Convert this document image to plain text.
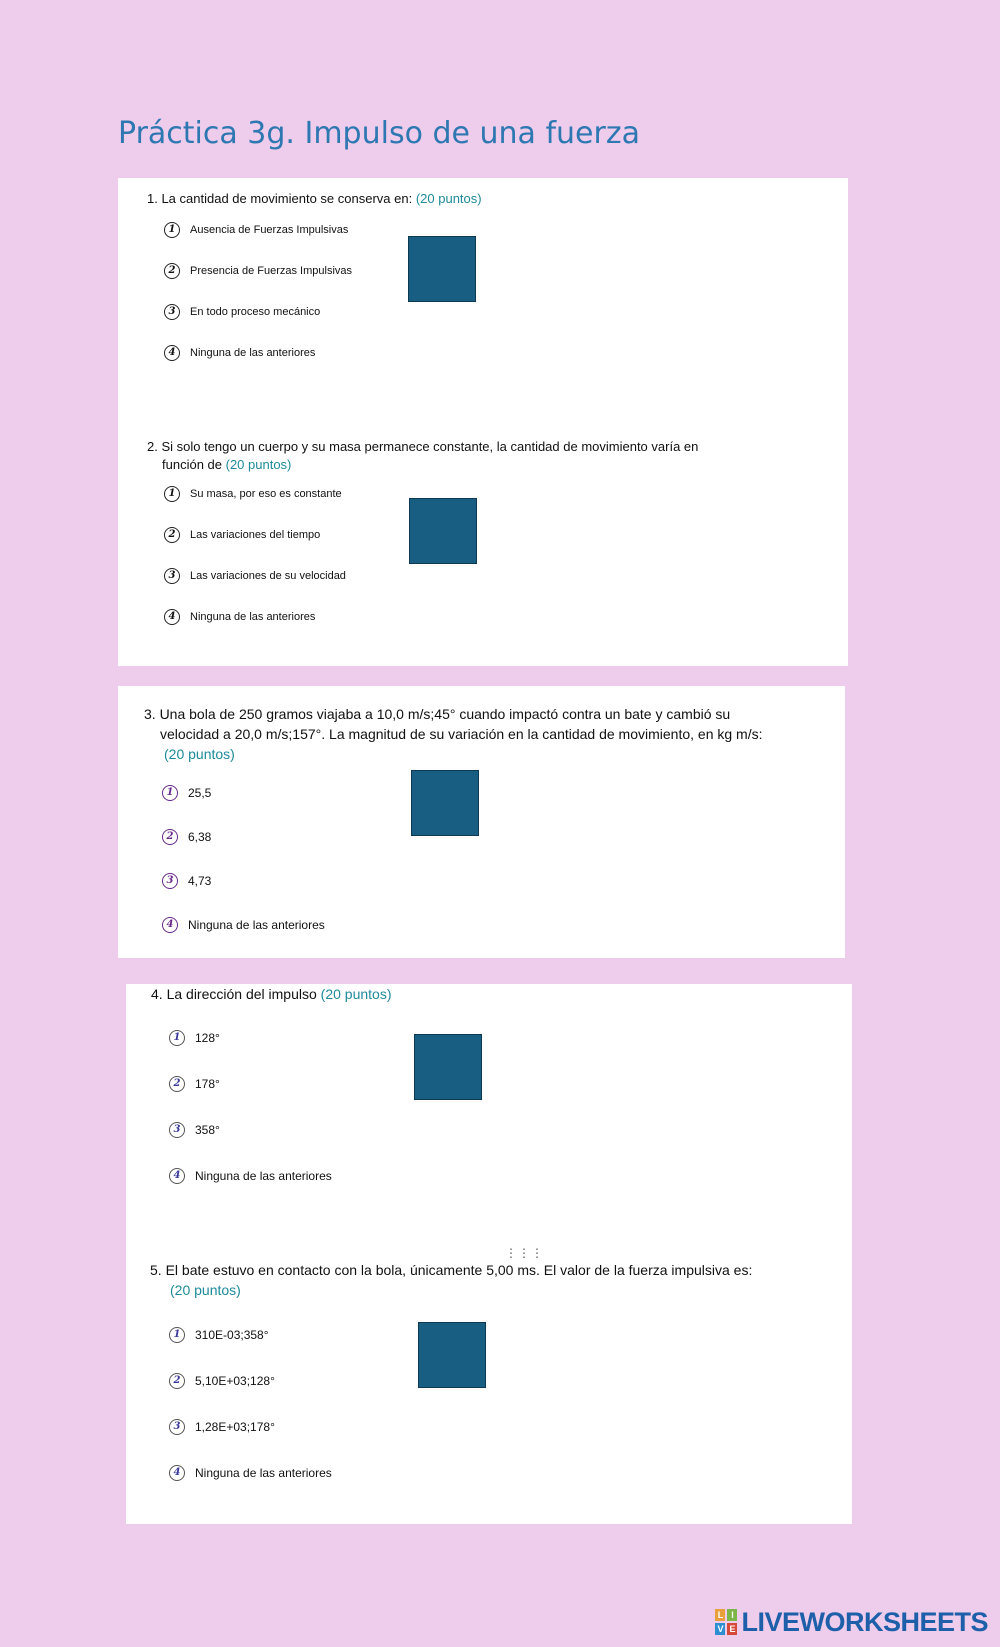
Práctica 3g. Impulso de una fuerza
1. La cantidad de movimiento se conserva en: (20 puntos)
1	Ausencia de Fuerzas Impulsivas
2	Presencia de Fuerzas Impulsivas
3	En todo proceso mecánico
4	Ninguna de las anteriores
2. Si solo tengo un cuerpo y su masa permanece constante, la cantidad de movimiento varía en
función de (20 puntos)
1	Su masa, por eso es constante
2	Las variaciones del tiempo
3	Las variaciones de su velocidad
4	Ninguna de las anteriores
3. Una bola de 250 gramos viajaba a 10,0 m/s;45° cuando impactó contra un bate y cambió su
velocidad a 20,0 m/s;157°. La magnitud de su variación en la cantidad de movimiento, en kg m/s:
(20 puntos)
1	25,5
2	6,38
3	4,73
4	Ninguna de las anteriores
4. La dirección del impulso (20 puntos)
1	128°
2	178°
3	358°
4	Ninguna de las anteriores
⋮⋮⋮
5. El bate estuvo en contacto con la bola, únicamente 5,00 ms. El valor de la fuerza impulsiva es:
(20 puntos)
1	310E-03;358°
2	5,10E+03;128°
3	1,28E+03;178°
4	Ninguna de las anteriores
L I
V E LIVEWORKSHEETS
